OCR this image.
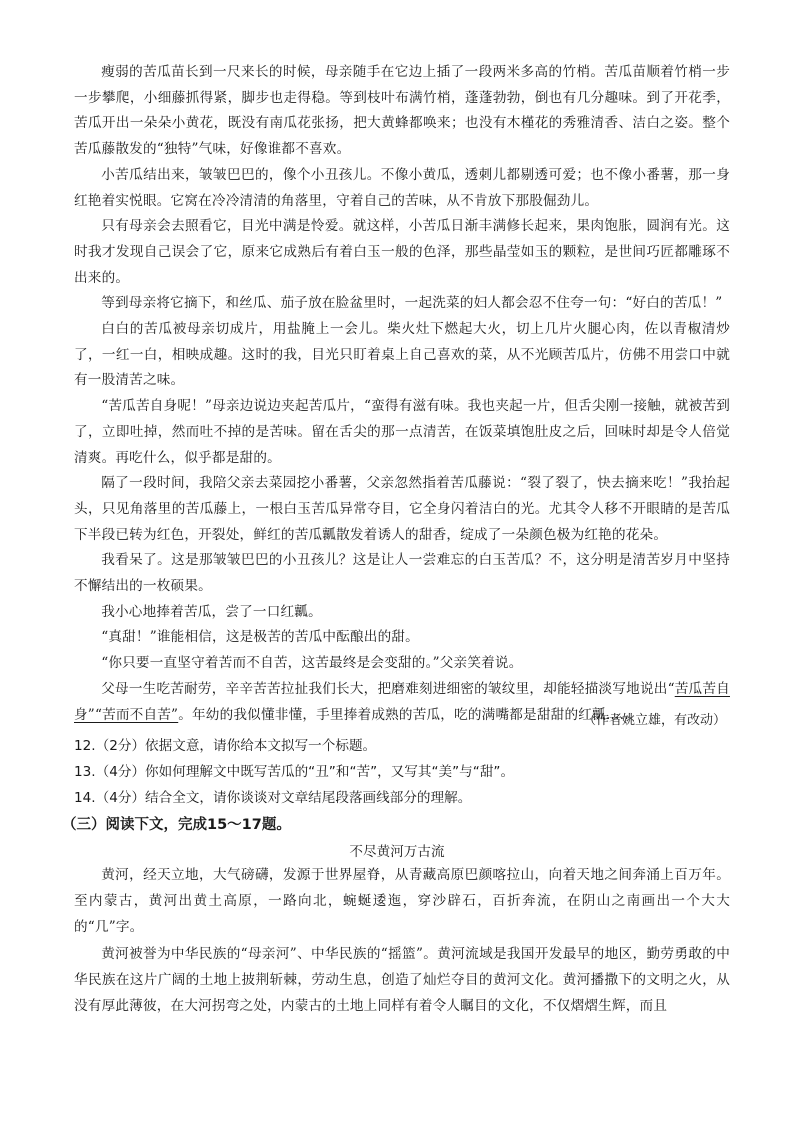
瘦弱的苦瓜苗长到一尺来长的时候，母亲随手在它边上插了一段两米多高的竹梢。苦瓜苗顺着竹梢一步一步攀爬，小细藤抓得紧，脚步也走得稳。等到枝叶布满竹梢，蓬蓬勃勃，倒也有几分趣味。到了开花季，苦瓜开出一朵朵小黄花，既没有南瓜花张扬，把大黄蜂都唤来；也没有木槿花的秀雅清香、洁白之姿。整个苦瓜藤散发的“独特”气味，好像谁都不喜欢。

小苦瓜结出来，皱皱巴巴的，像个小丑孩儿。不像小黄瓜，透刺儿都剔透可爱；也不像小番薯，那一身红艳着实悦眼。它窝在冷冷清清的角落里，守着自己的苦味，从不肯放下那股倔劲儿。

只有母亲会去照看它，目光中满是怜爱。就这样，小苦瓜日渐丰满修长起来，果肉饱胀，圆润有光。这时我才发现自己误会了它，原来它成熟后有着白玉一般的色泽，那些晶莹如玉的颗粒，是世间巧匠都雕琢不出来的。

等到母亲将它摘下，和丝瓜、茄子放在脸盆里时，一起洗菜的妇人都会忍不住夸一句：“好白的苦瓜！”

白白的苦瓜被母亲切成片，用盐腌上一会儿。柴火灶下燃起大火，切上几片火腿心肉，佐以青椒清炒了，一红一白，相映成趣。这时的我，目光只盯着桌上自己喜欢的菜，从不光顾苦瓜片，仿佛不用尝口中就有一股清苦之味。

“苦瓜苦自身呢！”母亲边说边夹起苦瓜片，“蛮得有滋有味。我也夹起一片，但舌尖刚一接触，就被苦到了，立即吐掉，然而吐不掉的是苦味。留在舌尖的那一点清苦，在饭菜填饱肚皮之后，回味时却是令人倍觉清爽。再吃什么，似乎都是甜的。

隔了一段时间，我陪父亲去菜园挖小番薯，父亲忽然指着苦瓜藤说：“裂了裂了，快去摘来吃！”我抬起头，只见角落里的苦瓜藤上，一根白玉苦瓜异常夺目，它全身闪着洁白的光。尤其令人移不开眼睛的是苦瓜下半段已转为红色，开裂处，鲜红的苦瓜瓤散发着诱人的甜香，绽成了一朵颜色极为红艳的花朵。

我看呆了。这是那皱皱巴巴的小丑孩儿？这是让人一尝难忘的白玉苦瓜？不，这分明是清苦岁月中坚持不懈结出的一枚硕果。

我小心地捧着苦瓜，尝了一口红瓤。

“真甜！”谁能相信，这是极苦的苦瓜中酝酿出的甜。

“你只要一直坚守着苦而不自苦，这苦最终是会变甜的。”父亲笑着说。

父母一生吃苦耐劳，辛辛苦苦拉扯我们长大，把磨难刻进细密的皱纹里，却能轻描淡写地说出“苦瓜苦自身”“苦而不自苦”。年幼的我似懂非懂，手里捧着成熟的苦瓜，吃的满嘴都是甜甜的红瓤……

（作者姚立雄，有改动）
12.（2分）依据文意，请你给本文拟写一个标题。
13.（4分）你如何理解文中既写苦瓜的“丑”和“苦”，又写其“美”与“甜”。
14.（4分）结合全文，请你谈谈对文章结尾段落画线部分的理解。
（三）阅读下文，完成15～17题。
不尽黄河万古流

黄河，经天立地，大气磅礴，发源于世界屋脊，从青藏高原巴颜喀拉山，向着天地之间奔涌上百万年。至内蒙古，黄河出黄土高原，一路向北，蜿蜒逶迤，穿沙辟石，百折奔流，在阴山之南画出一个大大的“几”字。

黄河被誉为中华民族的“母亲河”、中华民族的“摇篮”。黄河流域是我国开发最早的地区，勤劳勇敢的中华民族在这片广阔的土地上披荆斩棘，劳动生息，创造了灿烂夺目的黄河文化。黄河播撒下的文明之火，从没有厚此薄彼，在大河拐弯之处，内蒙古的土地上同样有着令人瞩目的文化，不仅熠熠生辉，而且
